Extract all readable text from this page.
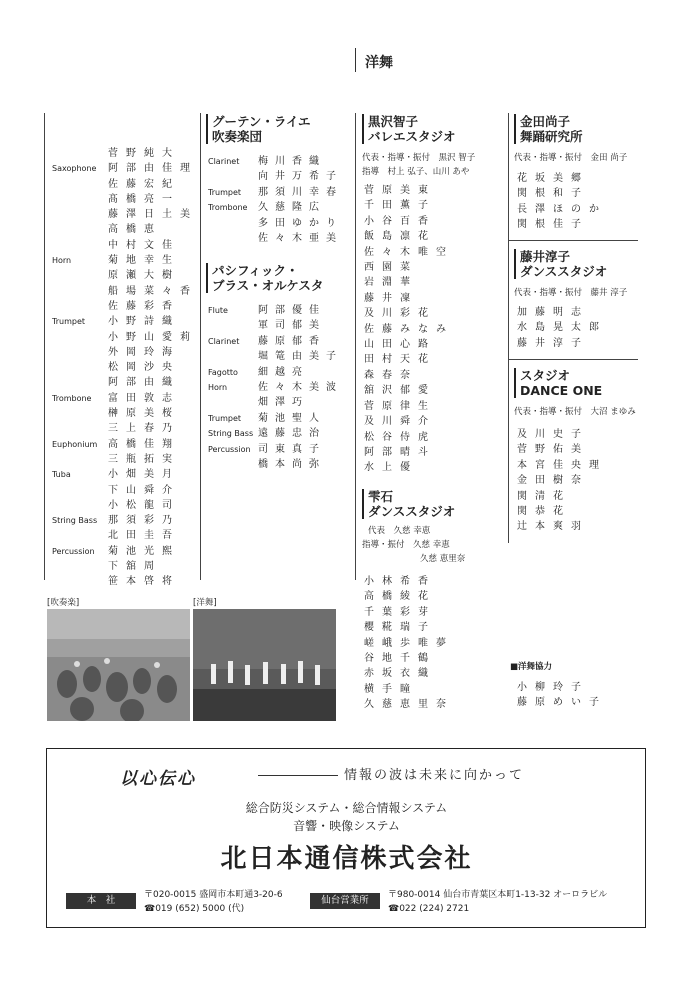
洋舞
菅野純大
Saxophone 阿部由佳理
佐藤宏紀
髙橋亮一
藤澤日土美
高橋恵
中村文佳
Horn	菊地幸生
原瀬大樹
船場菜々香
佐藤彩香
Trumpet 小野詩織
小野山愛莉
外岡玲海
松岡沙央
阿部由織
Trombone 富田敦志
榊原美桜
三上春乃
Euphonium 高橋佳翔
三瓶拓実
Tuba	小畑美月
下山舜介
小松龍司
String Bass 那須彩乃
北田圭吾
Percussion 菊池光熙
下舘周
笹本啓将
グーテン・ライエ
吹奏楽団
Clarinet 梅川香織
向井万希子
Trumpet 那須川幸春
Trombone 久慈隆広
多田ゆかり
佐々木亜美
パシフィック・
ブラス・オルケスタ
Flute	阿部優佳
軍司郁美
Clarinet 藤原郁香
堀篭由美子
Fagotto 細越亮
Horn	佐々木美波
畑澤巧
Trumpet 菊池聖人
String Bass 遠藤忠治
Percussion 司東真子
橋本尚弥
黒沢智子
バレエスタジオ
代表・指導・振付　黒沢 智子
指導　村上 弘子、山川 あや
菅原美東
千田薫子
小谷百香
飯島凛花
佐々木唯空
西園菜
岩淵華
藤井凜
及川彩花
佐藤みなみ
山田心路
田村天花
森春奈
舘沢郁愛
菅原律生
及川舜介
松谷侍虎
阿部晴斗
水上優
雫石
ダンススタジオ
代表　久慈 幸恵
指導・振付　久慈 幸恵
久慈 恵里奈
小林希香
高橋綾花
千葉彩芽
櫻糀瑞子
嵯峨歩唯夢
谷地千鶴
赤坂衣織
横手瞳
久慈恵里奈
金田尚子
舞踊研究所
代表・指導・振付　金田 尚子
花坂美郷
関根和子
長澤ほのか
関根佳子
藤井淳子
ダンススタジオ
代表・指導・振付　藤井 淳子
加藤明志
水島晃太郎
藤井淳子
スタジオ
DANCE ONE
代表・指導・振付　大沼 まゆみ
及川史子
菅野佑美
本宮佳央理
金田樹奈
関清花
関恭花
辻本爽羽
■洋舞協力
小柳玲子
藤原めい子
[吹奏楽]	[洋舞]
以心伝心	情報の波は未来に向かって
総合防災システム・総合情報システム
音響・映像システム
北日本通信株式会社
本　社	〒020-0015 盛岡市本町通3-20-6
☎019 (652) 5000 (代)
仙台営業所	〒980-0014 仙台市青葉区本町1-13-32 オーロラビル
☎022 (224) 2721
